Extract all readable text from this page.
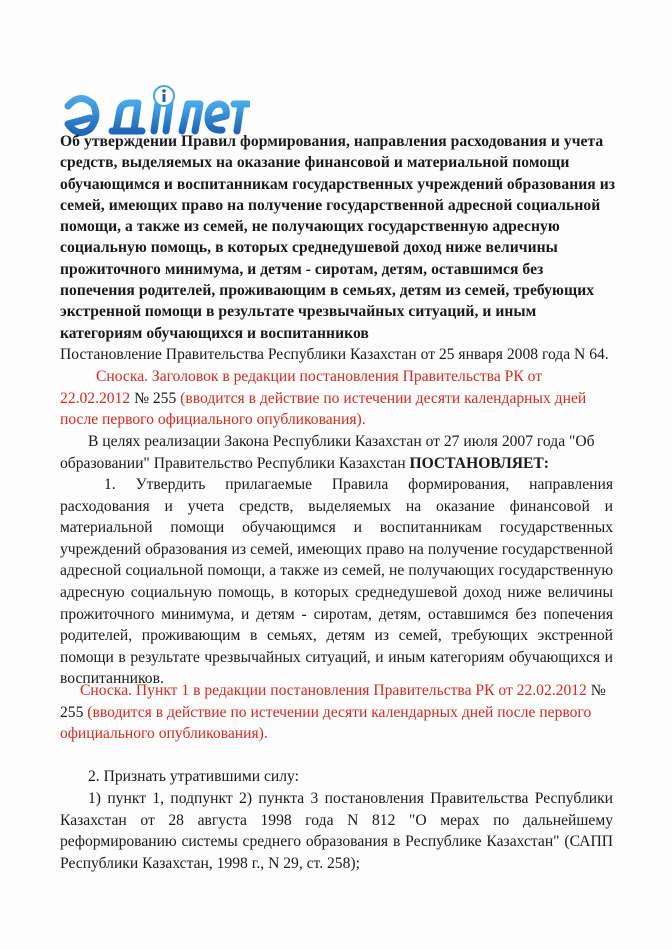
Об утверждении Правил формирования, направления расходования и учета средств, выделяемых на оказание финансовой и материальной помощи обучающимся и воспитанникам государственных учреждений образования из семей, имеющих право на получение государственной адресной социальной помощи, а также из семей, не получающих государственную адресную социальную помощь, в которых среднедушевой доход ниже величины прожиточного минимума, и детям - сиротам, детям, оставшимся без попечения родителей, проживающим в семьях, детям из семей, требующих экстренной помощи в результате чрезвычайных ситуаций, и иным категориям обучающихся и воспитанников
Постановление Правительства Республики Казахстан от 25 января 2008 года N 64.
Сноска. Заголовок в редакции постановления Правительства РК от 22.02.2012 № 255 (вводится в действие по истечении десяти календарных дней после первого официального опубликования).
В целях реализации Закона Республики Казахстан от 27 июля 2007 года "Об образовании" Правительство Республики Казахстан ПОСТАНОВЛЯЕТ:
1. Утвердить прилагаемые Правила формирования, направления расходования и учета средств, выделяемых на оказание финансовой и материальной помощи обучающимся и воспитанникам государственных учреждений образования из семей, имеющих право на получение государственной адресной социальной помощи, а также из семей, не получающих государственную адресную социальную помощь, в которых среднедушевой доход ниже величины прожиточного минимума, и детям - сиротам, детям, оставшимся без попечения родителей, проживающим в семьях, детям из семей, требующих экстренной помощи в результате чрезвычайных ситуаций, и иным категориям обучающихся и воспитанников.
Сноска. Пункт 1 в редакции постановления Правительства РК от 22.02.2012 № 255 (вводится в действие по истечении десяти календарных дней после первого официального опубликования).
2. Признать утратившими силу:
1) пункт 1, подпункт 2) пункта 3 постановления Правительства Республики Казахстан от 28 августа 1998 года N 812 "О мерах по дальнейшему реформированию системы среднего образования в Республике Казахстан" (САПП Республики Казахстан, 1998 г., N 29, ст. 258);
